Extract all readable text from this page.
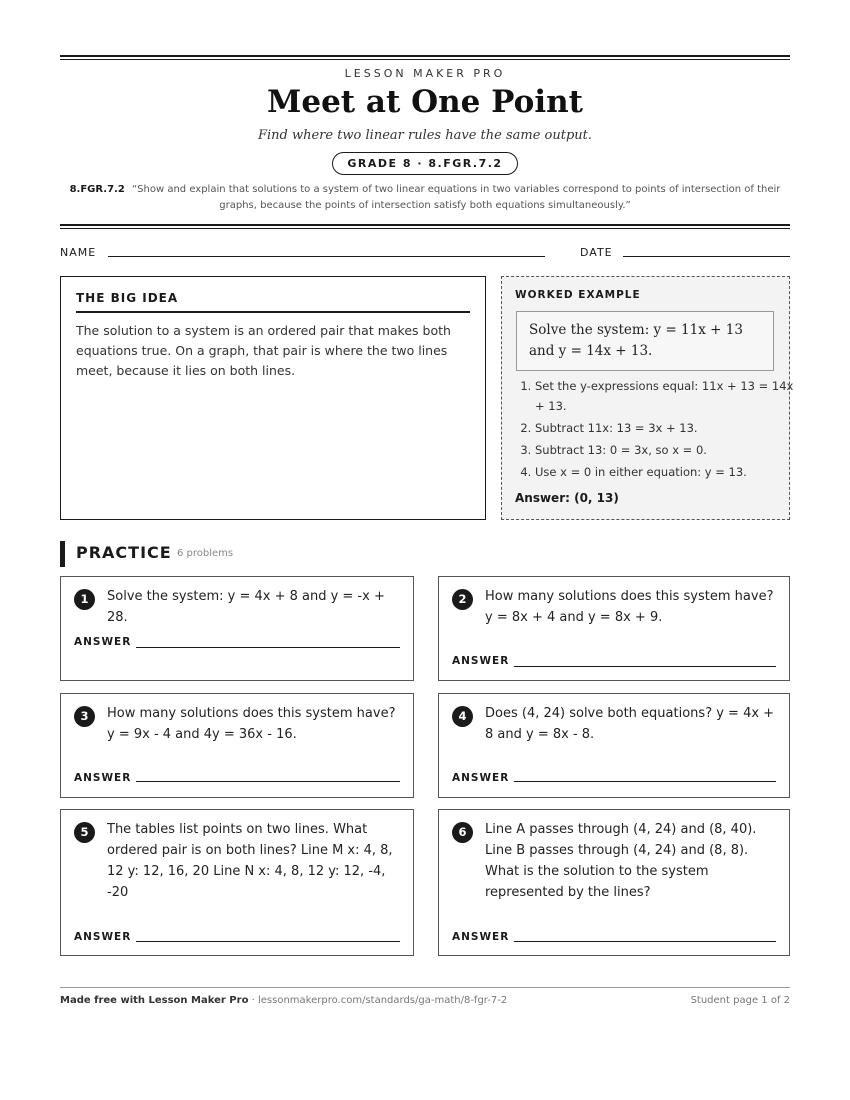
LESSON MAKER PRO
Meet at One Point
Find where two linear rules have the same output.
GRADE 8 · 8.FGR.7.2
8.FGR.7.2 “Show and explain that solutions to a system of two linear equations in two variables correspond to points of intersection of their graphs, because the points of intersection satisfy both equations simultaneously.”
NAME	DATE
THE BIG IDEA
The solution to a system is an ordered pair that makes both equations true. On a graph, that pair is where the two lines meet, because it lies on both lines.
WORKED EXAMPLE
Solve the system: y = 11x + 13 and y = 14x + 13.
1. Set the y-expressions equal: 11x + 13 = 14x + 13.
2. Subtract 11x: 13 = 3x + 13.
3. Subtract 13: 0 = 3x, so x = 0.
4. Use x = 0 in either equation: y = 13.
Answer: (0, 13)
PRACTICE 6 problems
1	Solve the system: y = 4x + 8 and y = -x + 28.
ANSWER
2	How many solutions does this system have? y = 8x + 4 and y = 8x + 9.
ANSWER
3	How many solutions does this system have? y = 9x - 4 and 4y = 36x - 16.
ANSWER
4	Does (4, 24) solve both equations? y = 4x + 8 and y = 8x - 8.
ANSWER
5	The tables list points on two lines. What ordered pair is on both lines? Line M x: 4, 8, 12 y: 12, 16, 20 Line N x: 4, 8, 12 y: 12, -4, -20
ANSWER
6	Line A passes through (4, 24) and (8, 40). Line B passes through (4, 24) and (8, 8). What is the solution to the system represented by the lines?
ANSWER
Made free with Lesson Maker Pro · lessonmakerpro.com/standards/ga-math/8-fgr-7-2	Student page 1 of 2
